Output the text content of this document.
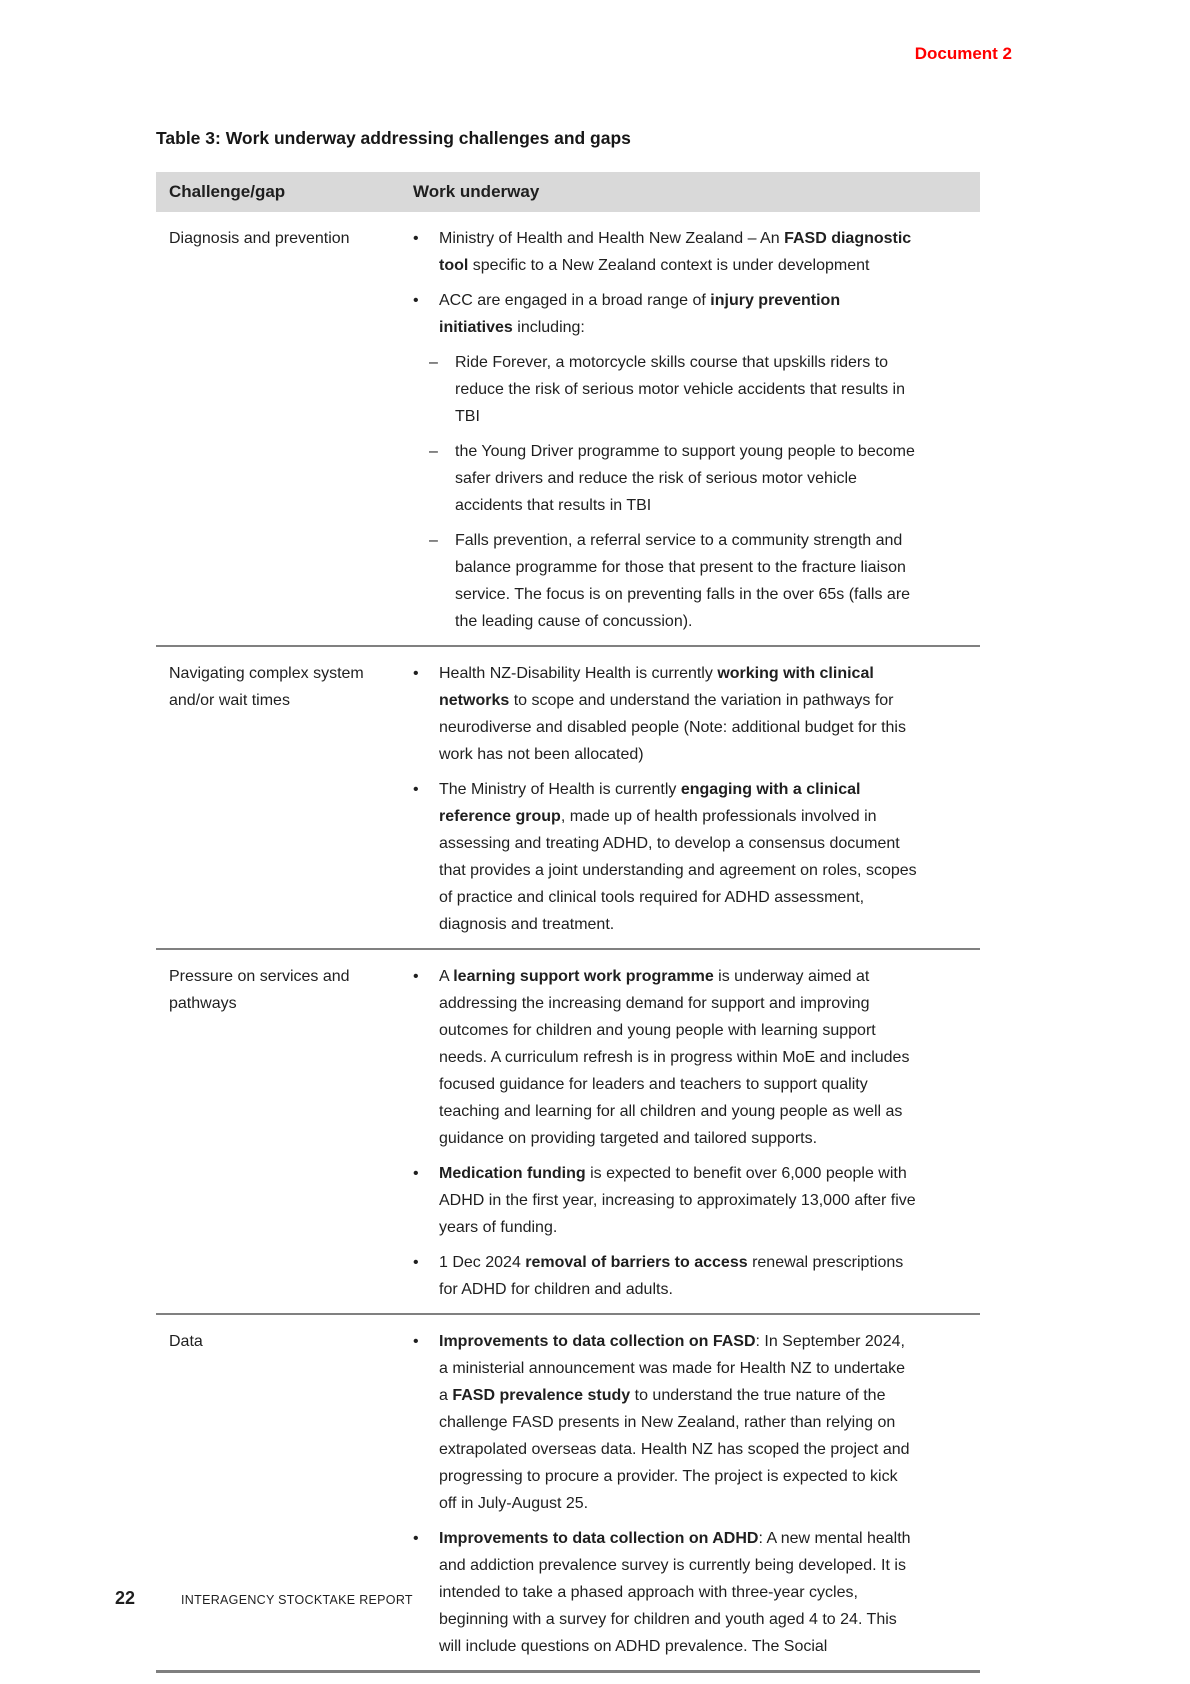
Document 2
Table 3: Work underway addressing challenges and gaps
Challenge/gap	Work underway
Diagnosis and prevention	•	Ministry of Health and Health New Zealand – An FASD diagnostic tool specific to a New Zealand context is under development
•	ACC are engaged in a broad range of injury prevention initiatives including:
–	Ride Forever, a motorcycle skills course that upskills riders to reduce the risk of serious motor vehicle accidents that results in TBI
–	the Young Driver programme to support young people to become safer drivers and reduce the risk of serious motor vehicle accidents that results in TBI
–	Falls prevention, a referral service to a community strength and balance programme for those that present to the fracture liaison service. The focus is on preventing falls in the over 65s (falls are the leading cause of concussion).
Navigating complex system and/or wait times
•	Health NZ-Disability Health is currently working with clinical networks to scope and understand the variation in pathways for neurodiverse and disabled people (Note: additional budget for this work has not been allocated)
•	The Ministry of Health is currently engaging with a clinical reference group, made up of health professionals involved in assessing and treating ADHD, to develop a consensus document that provides a joint understanding and agreement on roles, scopes of practice and clinical tools required for ADHD assessment, diagnosis and treatment.
Pressure on services and pathways
•	A learning support work programme is underway aimed at addressing the increasing demand for support and improving outcomes for children and young people with learning support needs. A curriculum refresh is in progress within MoE and includes focused guidance for leaders and teachers to support quality teaching and learning for all children and young people as well as guidance on providing targeted and tailored supports.
•	Medication funding is expected to benefit over 6,000 people with ADHD in the first year, increasing to approximately 13,000 after five years of funding.
•	1 Dec 2024 removal of barriers to access renewal prescriptions for ADHD for children and adults.
Data	•	Improvements to data collection on FASD: In September 2024, a ministerial announcement was made for Health NZ to undertake a FASD prevalence study to understand the true nature of the challenge FASD presents in New Zealand, rather than relying on extrapolated overseas data. Health NZ has scoped the project and progressing to procure a provider. The project is expected to kick off in July-August 25.
•	Improvements to data collection on ADHD: A new mental health and addiction prevalence survey is currently being developed. It is intended to take a phased approach with three-year cycles, beginning with a survey for children and youth aged 4 to 24. This will include questions on ADHD prevalence. The Social
22	INTERAGENCY STOCKTAKE REPORT
